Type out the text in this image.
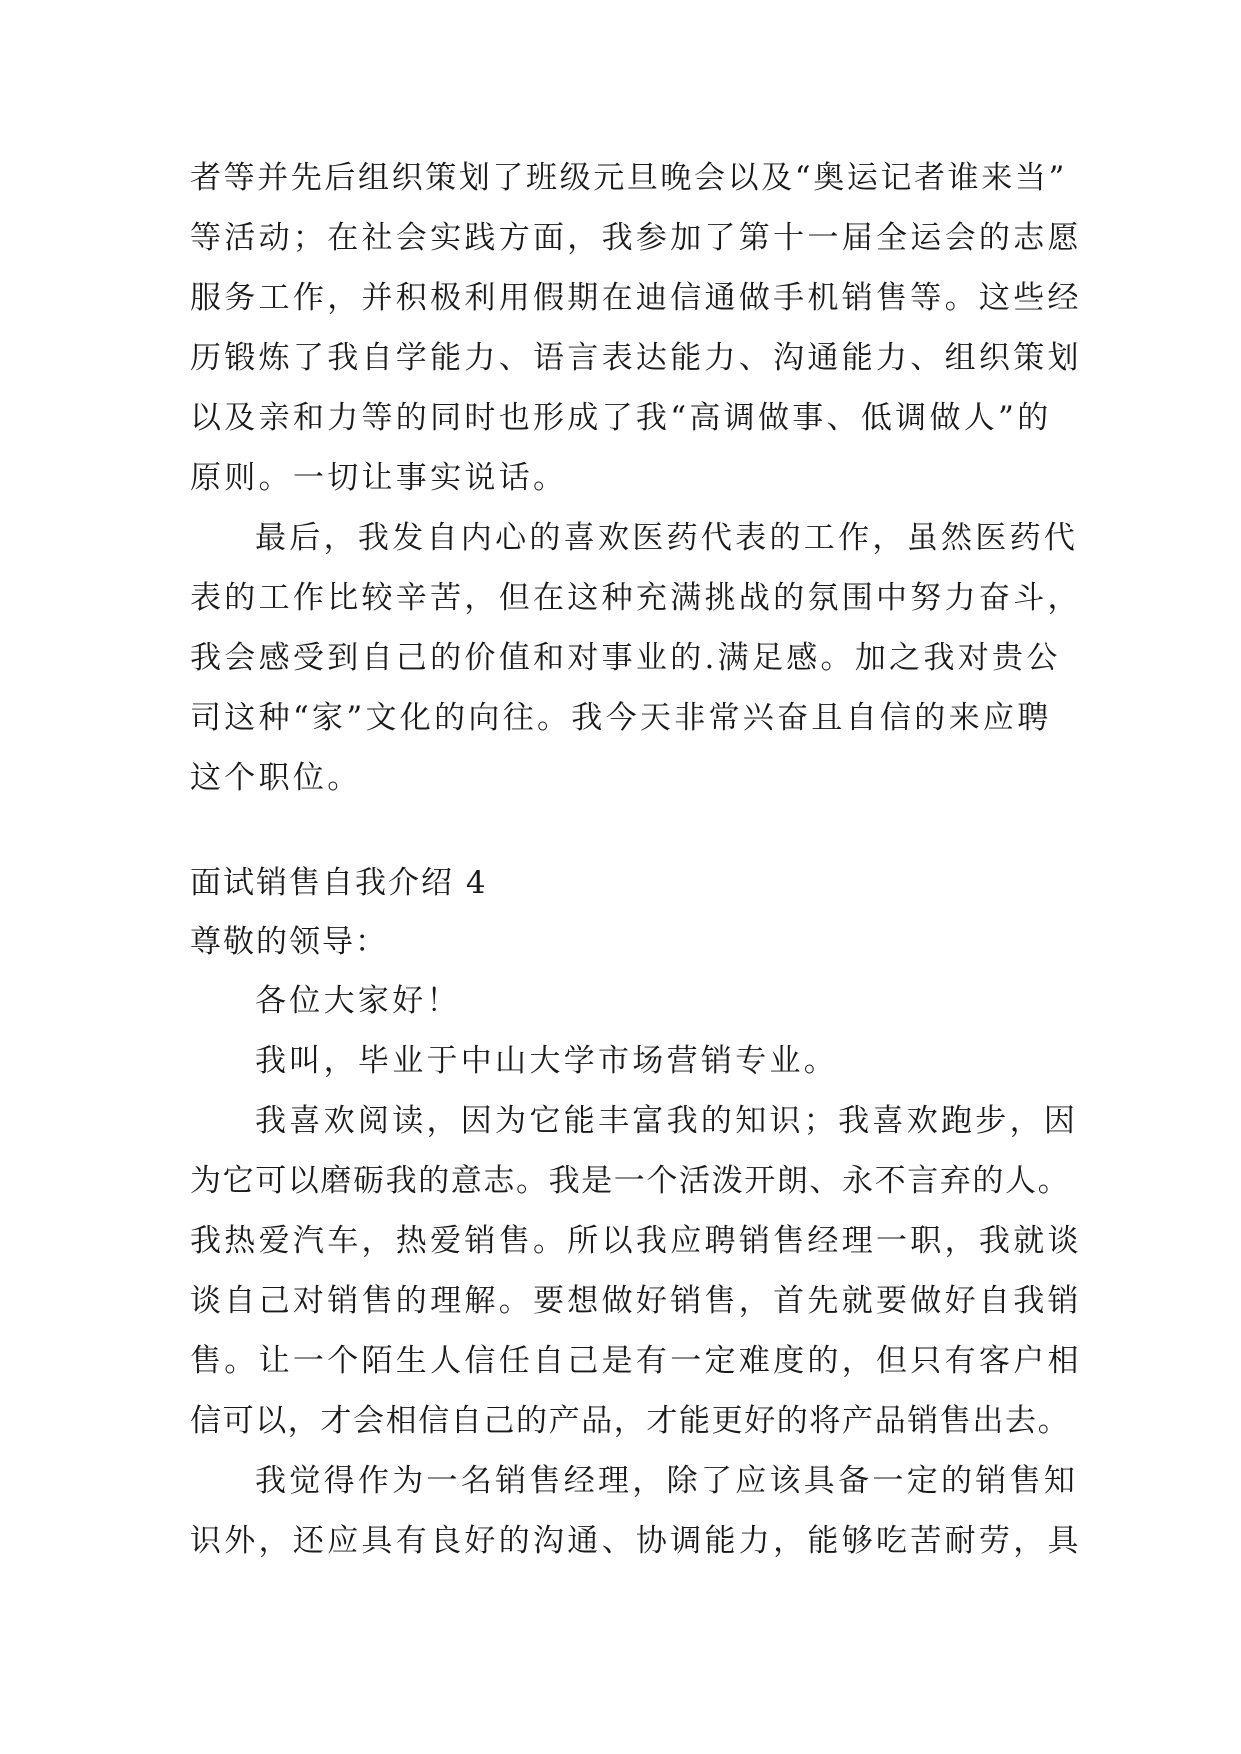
者等并先后组织策划了班级元旦晚会以及“奥运记者谁来当”
等活动；在社会实践方面，我参加了第十一届全运会的志愿
服务工作，并积极利用假期在迪信通做手机销售等。这些经
历锻炼了我自学能力、语言表达能力、沟通能力、组织策划
以及亲和力等的同时也形成了我“高调做事、低调做人”的
原则。一切让事实说话。
最后，我发自内心的喜欢医药代表的工作，虽然医药代
表的工作比较辛苦，但在这种充满挑战的氛围中努力奋斗，
我会感受到自己的价值和对事业的.满足感。加之我对贵公
司这种“家”文化的向往。我今天非常兴奋且自信的来应聘
这个职位。
面试销售自我介绍 4
尊敬的领导：
各位大家好！
我叫，毕业于中山大学市场营销专业。
我喜欢阅读，因为它能丰富我的知识；我喜欢跑步，因
为它可以磨砺我的意志。我是一个活泼开朗、永不言弃的人。
我热爱汽车，热爱销售。所以我应聘销售经理一职，我就谈
谈自己对销售的理解。要想做好销售，首先就要做好自我销
售。让一个陌生人信任自己是有一定难度的，但只有客户相
信可以，才会相信自己的产品，才能更好的将产品销售出去。
我觉得作为一名销售经理，除了应该具备一定的销售知
识外，还应具有良好的沟通、协调能力，能够吃苦耐劳，具
